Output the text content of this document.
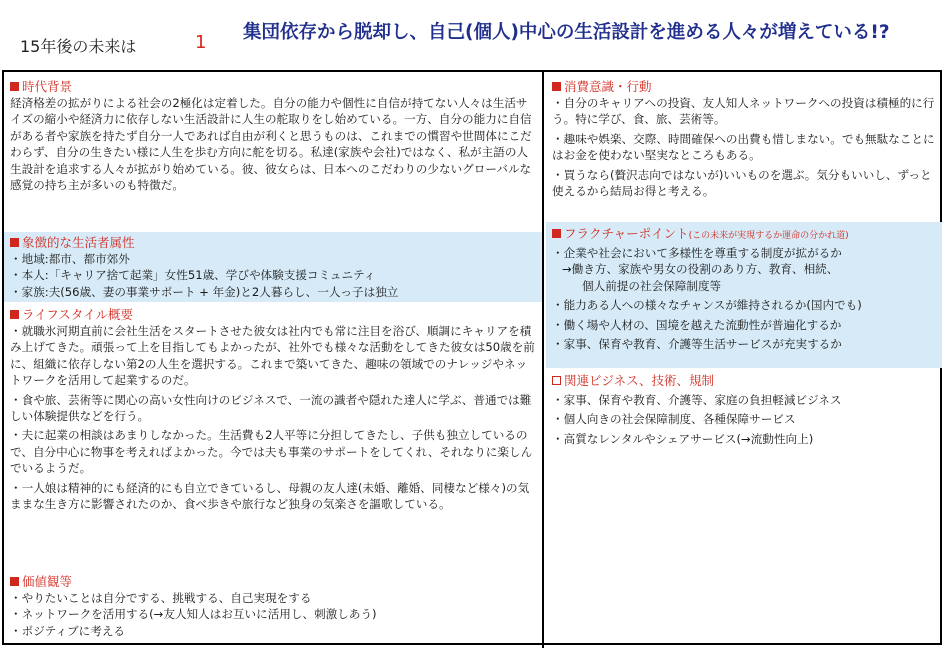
15年後の未来は	1 集団依存から脱却し、自己(個人)中心の生活設計を進める人々が増えている!?
時代背景

経済格差の拡がりによる社会の2極化は定着した。自分の能力や個性に自信が持てない人々は生活サイズの縮小や経済力に依存しない生活設計に人生の舵取りをし始めている。一方、自分の能力に自信がある者や家族を持たず自分一人であれば自由が利くと思うものは、これまでの慣習や世間体にこだわらず、自分の生きたい様に人生を歩む方向に舵を切る。私達(家族や会社)ではなく、私が主語の人生設計を追求する人々が拡がり始めている。彼、彼女らは、日本へのこだわりの少ないグローバルな感覚の持ち主が多いのも特徴だ。

象徴的な生活者属性
・地域:都市、都市郊外
・本人:「キャリア捨て起業」女性51歳、学びや体験支援コミュニティ
・家族:夫(56歳、妻の事業サポート + 年金)と2人暮らし、一人っ子は独立
ライフスタイル概要

・就職氷河期直前に会社生活をスタートさせた彼女は社内でも常に注目を浴び、順調にキャリアを積み上げてきた。頑張って上を目指してもよかったが、社外でも様々な活動をしてきた彼女は50歳を前に、組織に依存しない第2の人生を選択する。これまで築いてきた、趣味の領域でのナレッジやネットワークを活用して起業するのだ。

・食や旅、芸術等に関心の高い女性向けのビジネスで、一流の識者や隠れた達人に学ぶ、普通では難しい体験提供などを行う。

・夫に起業の相談はあまりしなかった。生活費も2人平等に分担してきたし、子供も独立しているので、自分中心に物事を考えればよかった。今では夫も事業のサポートをしてくれ、それなりに楽しんでいるようだ。

・一人娘は精神的にも経済的にも自立できているし、母親の友人達(未婚、離婚、同棲など様々)の気ままな生き方に影響されたのか、食べ歩きや旅行など独身の気楽さを謳歌している。

価値観等
・やりたいことは自分でする、挑戦する、自己実現をする
・ネットワークを活用する(→友人知人はお互いに活用し、刺激しあう)
・ポジティブに考える
消費意識・行動

・自分のキャリアへの投資、友人知人ネットワークへの投資は積極的に行う。特に学び、食、旅、芸術等。

・趣味や娯楽、交際、時間確保への出費も惜しまない。でも無駄なことにはお金を使わない堅実なところもある。

・買うなら(贅沢志向ではないが)いいものを選ぶ。気分もいいし、ずっと使えるから結局お得と考える。

フラクチャーポイント(この未来が実現するか運命の分かれ道)
・企業や社会において多様性を尊重する制度が拡がるか
→働き方、家族や男女の役割のあり方、教育、相続、
個人前提の社会保障制度等
・能力ある人への様々なチャンスが維持されるか(国内でも)
・働く場や人材の、国境を越えた流動性が普遍化するか
・家事、保育や教育、介護等生活サービスが充実するか
関連ビジネス、技術、規制
・家事、保育や教育、介護等、家庭の負担軽減ビジネス
・個人向きの社会保障制度、各種保障サービス
・高質なレンタルやシェアサービス(→流動性向上)
